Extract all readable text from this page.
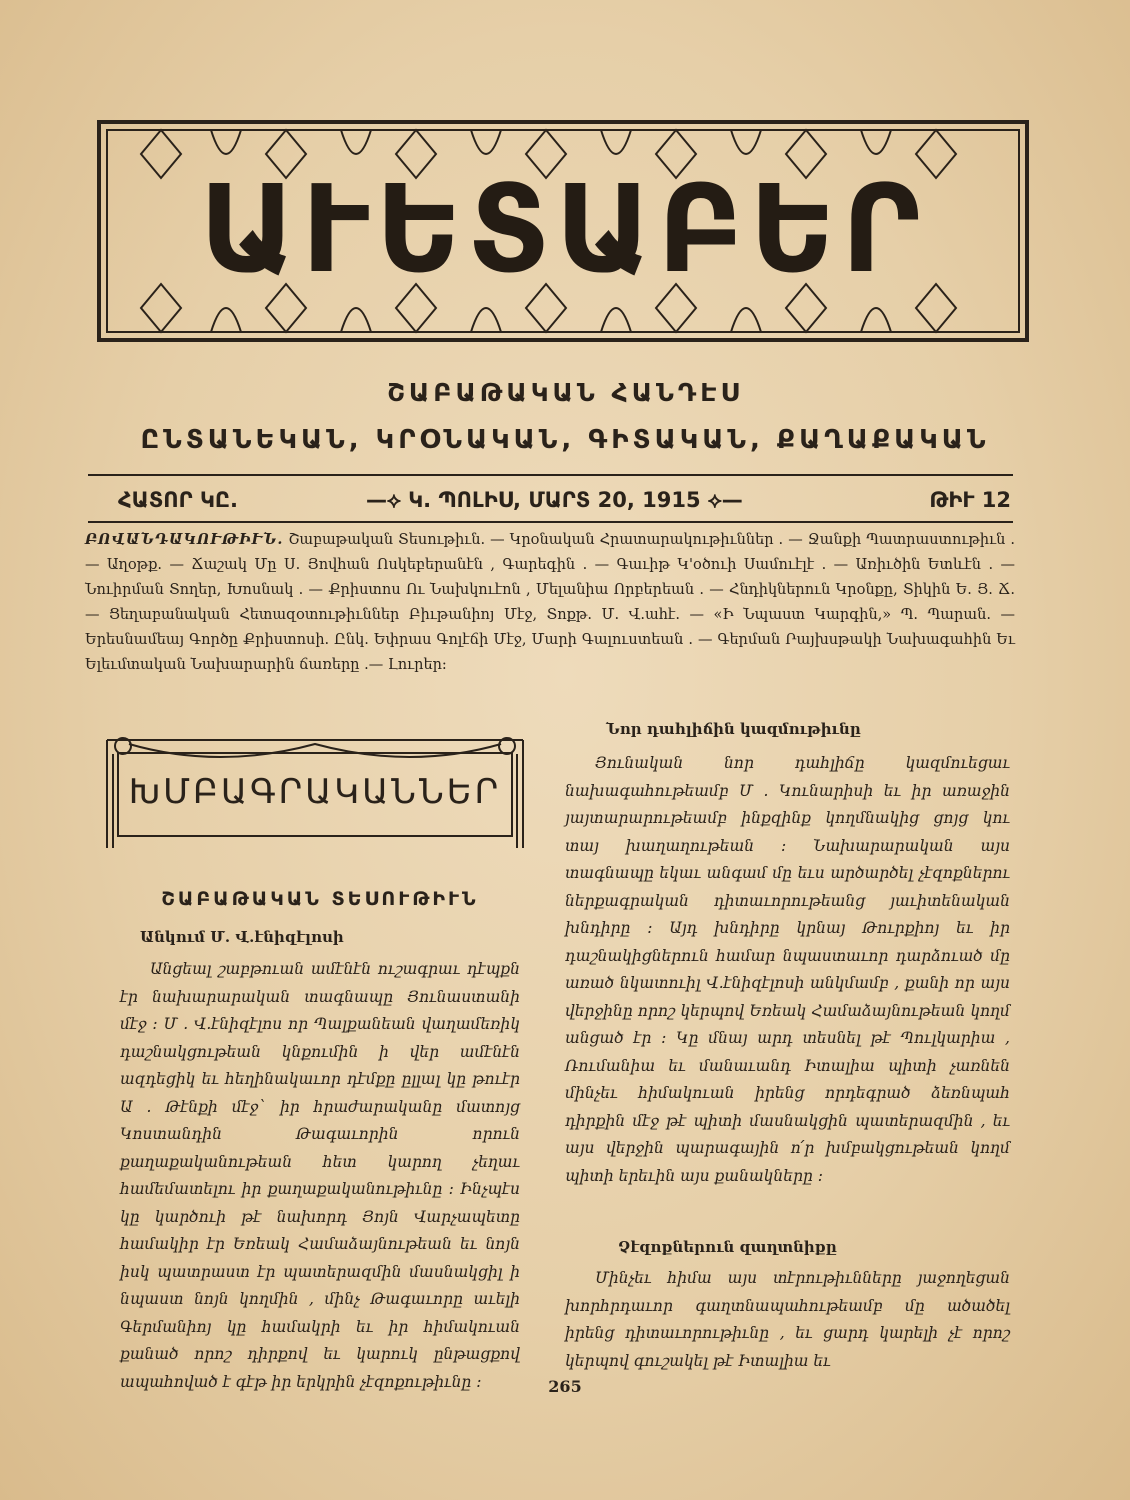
ԱՒԵՏԱԲԵՐ
ՇԱԲԱԹԱԿԱՆ ՀԱՆԴԷՍ
ԸՆՏԱՆԵԿԱՆ, ԿՐՕՆԱԿԱՆ, ԳԻՏԱԿԱՆ, ՔԱՂԱՔԱԿԱՆ
ՀԱՏՈՐ ԿԸ.	—⟡ Կ. ՊՈԼԻՍ, ՄԱՐՏ 20, 1915 ⟡—	ԹԻՒ 12
ԲՈՎԱՆԴԱԿՈՒԹԻՒՆ. Շաբաթական Տեսութիւն. — Կրօնական Հրատարակութիւններ . — Ջանքի Պատրաստութիւն . — Աղօթք. — Ճաշակ Մը Ս. Յովհան Ոսկեբերանէն , Գարեգին . — Գաւիթ Կ'օծուի Սամուէլէ . — Առիւծին Ետևէն . — Նուիրման Տողեր, Խոսնակ . — Քրիստոս Ու Նախկուէոն , Մելանիա Որբերեան . — Հնդիկներուն Կրօնքը, Տիկին Ե. Յ. Ճ. — Ցեղաբանական Հետազօտութիւններ Բիւթանիոյ Մէջ, Տոքթ. Մ. Վ.ահէ. — «Ի Նպաստ Կարգին,» Պ. Պարան. — Երեսնամեայ Գործը Քրիստոսի. Ընկ. Եփրաս Գոլէճի Մէջ, Մարի Գալուստեան . — Գերման Րայխսթակի Նախագահին Եւ Ելեւմտական Նախարարին ճառերը .— Լուրեր:
ԽՄԲԱԳՐԱԿԱՆՆԵՐ
ՇԱԲԱԹԱԿԱՆ ՏԵՍՈՒԹԻՒՆ
Անկում Մ. Վ.էնիզէլոսի
Անցեալ շաբթուան ամէնէն ուշագրաւ դէպքն էր նախարարական տագնապը Յունաստանի մէջ ։ Մ . Վ.էնիզէլոս որ Պալքանեան վաղամեռիկ դաշնակցութեան կնքումին ի վեր ամէնէն ազդեցիկ եւ հեղինակաւոր դէմքը ըլլալ կը թուէր Ա . Թէնքի մէջ` իր հրաժարականը մատոյց Կոստանդին Թագաւորին որուն քաղաքականութեան հետ կարող չեղաւ համեմատելու իր քաղաքականութիւնը ։ Ինչպէս կը կարծուի թէ նախորդ Յոյն Վարչապետը համակիր էր Եռեակ Համաձայնութեան եւ նոյն իսկ պատրաստ էր պատերազմին մասնակցիլ ի նպաստ նոյն կողմին , մինչ Թագաւորը աւելի Գերմանիոյ կը համակրի եւ իր հիմակուան քանած որոշ դիրքով եւ կարուկ ընթացքով ապահոված է գէթ իր երկրին չէզոքութիւնը ։
Նոր դահլիճին կազմութիւնը
Յունական նոր դահլիճը կազմուեցաւ նախագահութեամբ Մ . Կունարիսի եւ իր առաջին յայտարարութեամբ ինքզինք կողմնակից ցոյց կու տայ խաղաղութեան ։ Նախարարական այս տագնապը եկաւ անգամ մը եւս արծարծել չէզոքներու ներքագրական դիտաւորութեանց յաւիտենական խնդիրը ։ Այդ խնդիրը կրնայ Թուրքիոյ եւ իր դաշնակիցներուն համար նպաստաւոր դարձուած մը առած նկատուիլ Վ.էնիզէլոսի անկմամբ , քանի որ այս վերջինը որոշ կերպով Եռեակ Համաձայնութեան կողմ անցած էր ։ Կը մնայ արդ տեսնել թէ Պուլկարիա , Ռումանիա եւ մանաւանդ Իտալիա պիտի չառնեն մինչեւ հիմակուան իրենց որդեգրած ձեռնպահ դիրքին մէջ թէ պիտի մասնակցին պատերազմին , եւ այս վերջին պարագային ո՛ր խմբակցութեան կողմ պիտի երեւին այս քանակները ։
Չէզոքներուն զաղտնիքը
Մինչեւ հիմա այս տէրութիւնները յաջողեցան խորհրդաւոր գաղտնապահութեամբ մը ածածել իրենց դիտաւորութիւնը , եւ ցարդ կարելի չէ որոշ կերպով գուշակել թէ Իտալիա եւ
265
